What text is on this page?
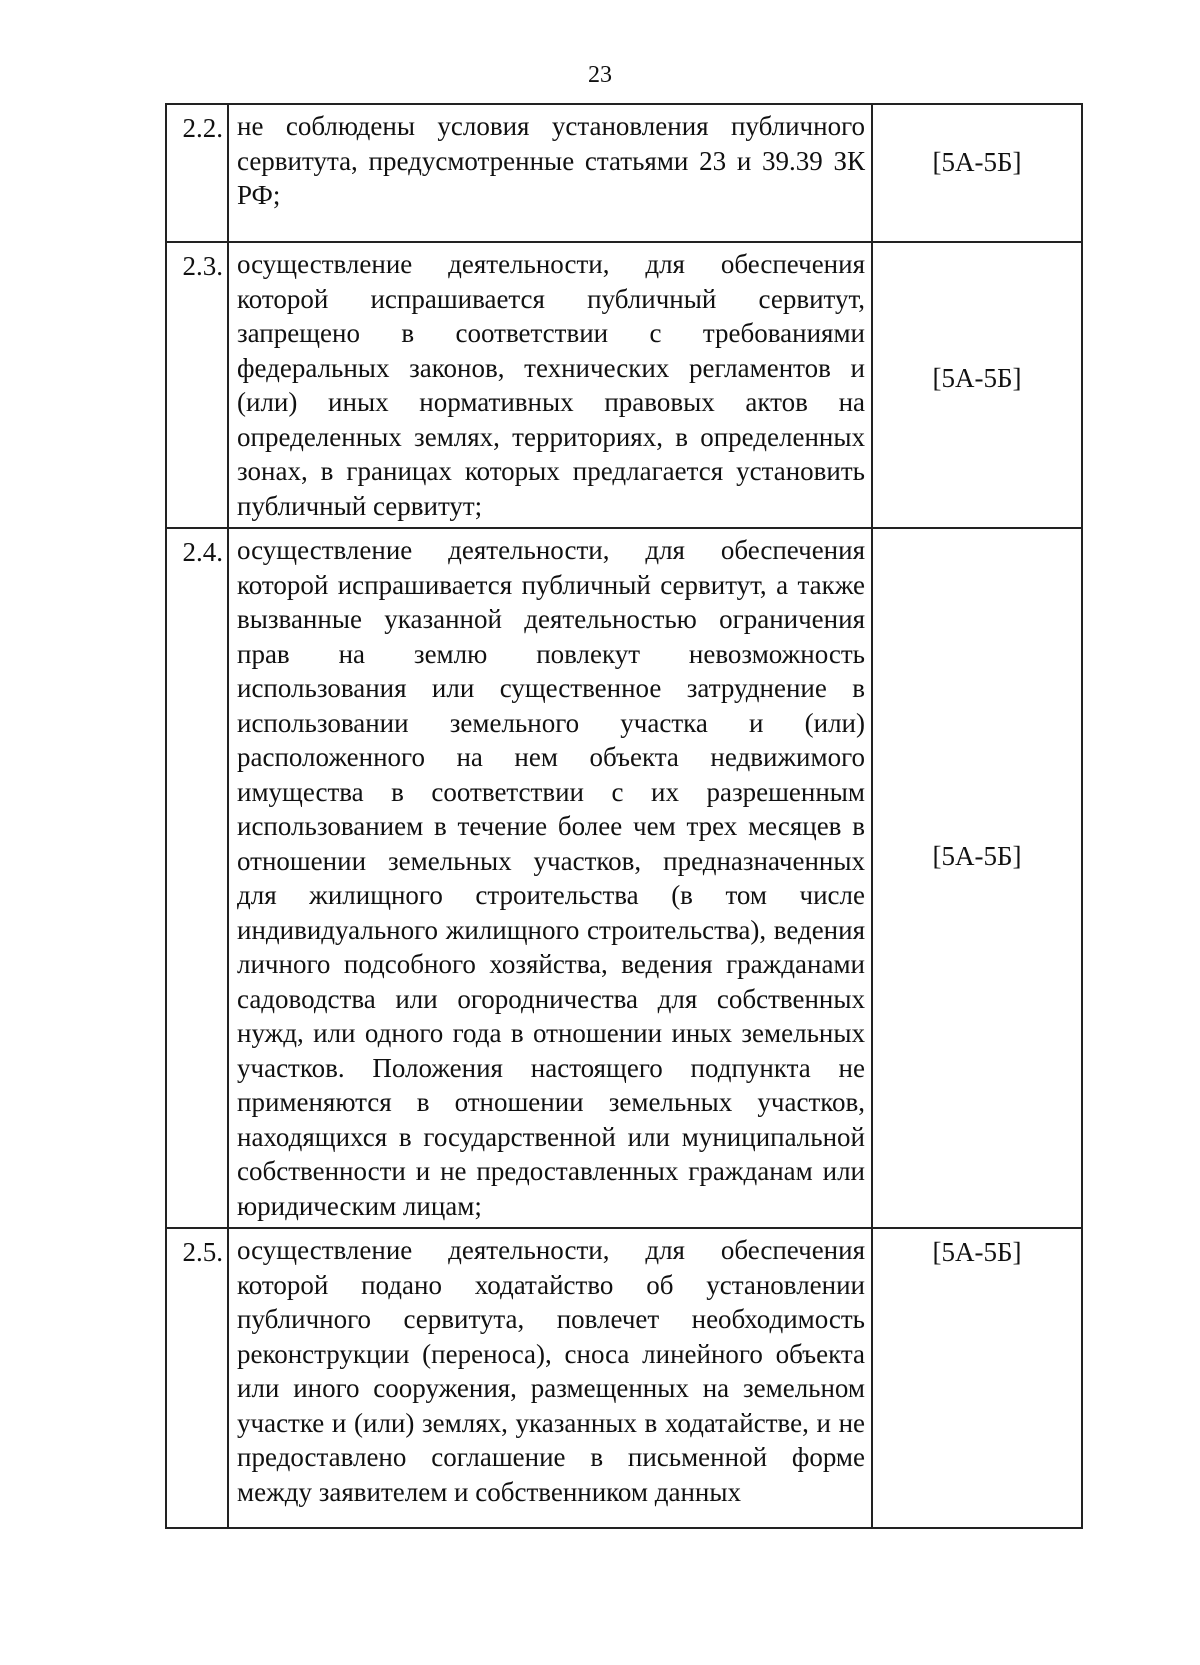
23
2.2.	не соблюдены условия установления публичного сервитута, предусмотренные статьями 23 и 39.39 ЗК РФ;	[5А-5Б]

2.3.	осуществление деятельности, для обеспечения которой испрашивается публичный сервитут, запрещено в соответствии с требованиями федеральных законов, технических регламентов и (или) иных нормативных правовых актов на определенных землях, территориях, в определенных зонах, в границах которых предлагается установить публичный сервитут;	[5А-5Б]

2.4.	осуществление деятельности, для обеспечения которой испрашивается публичный сервитут, а также вызванные указанной деятельностью ограничения прав на землю повлекут невозможность использования или существенное затруднение в использовании земельного участка и (или) расположенного на нем объекта недвижимого имущества в соответствии с их разрешенным использованием в течение более чем трех месяцев в отношении земельных участков, предназначенных для жилищного строительства (в том числе индивидуального жилищного строительства), ведения личного подсобного хозяйства, ведения гражданами садоводства или огородничества для собственных нужд, или одного года в отношении иных земельных участков. Положения настоящего подпункта не применяются в отношении земельных участков, находящихся в государственной или муниципальной собственности и не предоставленных гражданам или юридическим лицам;	[5А-5Б]

2.5.	осуществление деятельности, для обеспечения которой подано ходатайство об установлении публичного сервитута, повлечет необходимость реконструкции (переноса), сноса линейного объекта или иного сооружения, размещенных на земельном участке и (или) землях, указанных в ходатайстве, и не предоставлено соглашение в письменной форме между заявителем и собственником данных	[5А-5Б]
